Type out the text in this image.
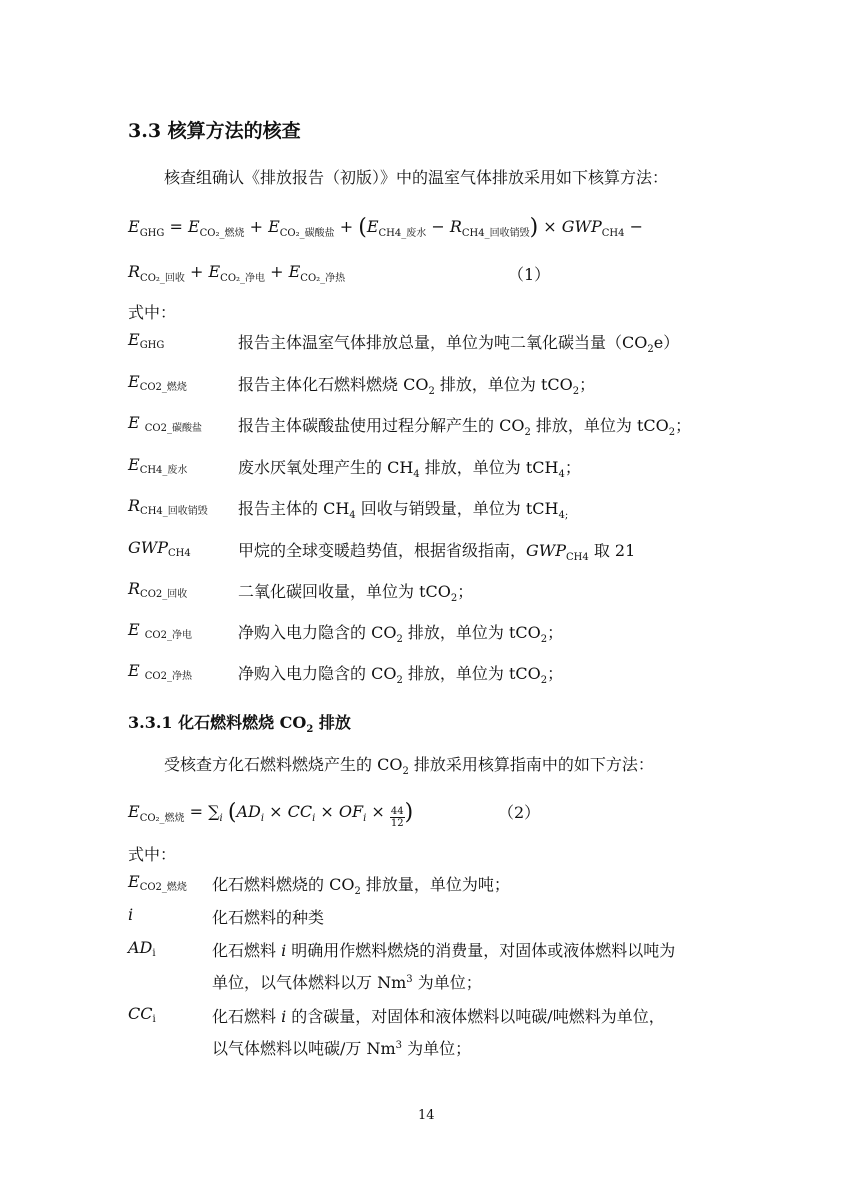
3.3 核算方法的核查
核查组确认《排放报告（初版）》中的温室气体排放采用如下核算方法：
$E_{GHG} = E_{CO_2\_燃烧} + E_{CO_2\_碳酸盐} + (E_{CH4\_废水} - R_{CH4\_回收销毁}) \times GWP_{CH4}$ −
$R_{CO_2\_回收} + E_{CO_2\_净电} + E_{CO_2\_净热}$	（1）
式中：
EGHG	报告主体温室气体排放总量，单位为吨二氧化碳当量$(CO_2e)$
ECO2_燃烧	报告主体化石燃料燃烧 $CO_2$ 排放，单位为 tCO$_2$；
E CO2_碳酸盐 报告主体碳酸盐使用过程分解产生的 $CO_2$ 排放，单位为 tCO$_2$；
ECH4_废水	废水厌氧处理产生的 $CH_4$ 排放，单位为 tCH$_4$；
RCH4_回收销毁 报告主体的 $CH_4$ 回收与销毁量，单位为 tCH$_{4;}$
GWPCH4	甲烷的全球变暖趋势值，根据省级指南，$GWP_{CH4}$ 取 21
RCO2_回收	二氧化碳回收量，单位为 tCO$_2$；
E CO2_净电	净购入电力隐含的 $CO_2$ 排放，单位为 tCO$_2$；
E CO2_净热	净购入电力隐含的 $CO_2$ 排放，单位为 tCO$_2$；
3.3.1 化石燃料燃烧 $CO_2$ 排放
受核查方化石燃料燃烧产生的 $CO_2$ 排放采用核算指南中的如下方法：
$E_{CO_2\_燃烧} = \sum_i$ ($AD_i \times CC_i \times OF_i \times \frac{44}{12}$ )	（2）
式中：
ECO2_燃烧 化石燃料燃烧的 $CO_2$ 排放量，单位为吨；
i	化石燃料的种类
ADi	化石燃料 i 明确用作燃料燃烧的消费量，对固体或液体燃料以吨为
单位，以气体燃料以万 Nm$^3$ 为单位；
CCi	化石燃料 i 的含碳量，对固体和液体燃料以吨碳/吨燃料为单位，
以气体燃料以吨碳/万 Nm$^3$ 为单位；
14
